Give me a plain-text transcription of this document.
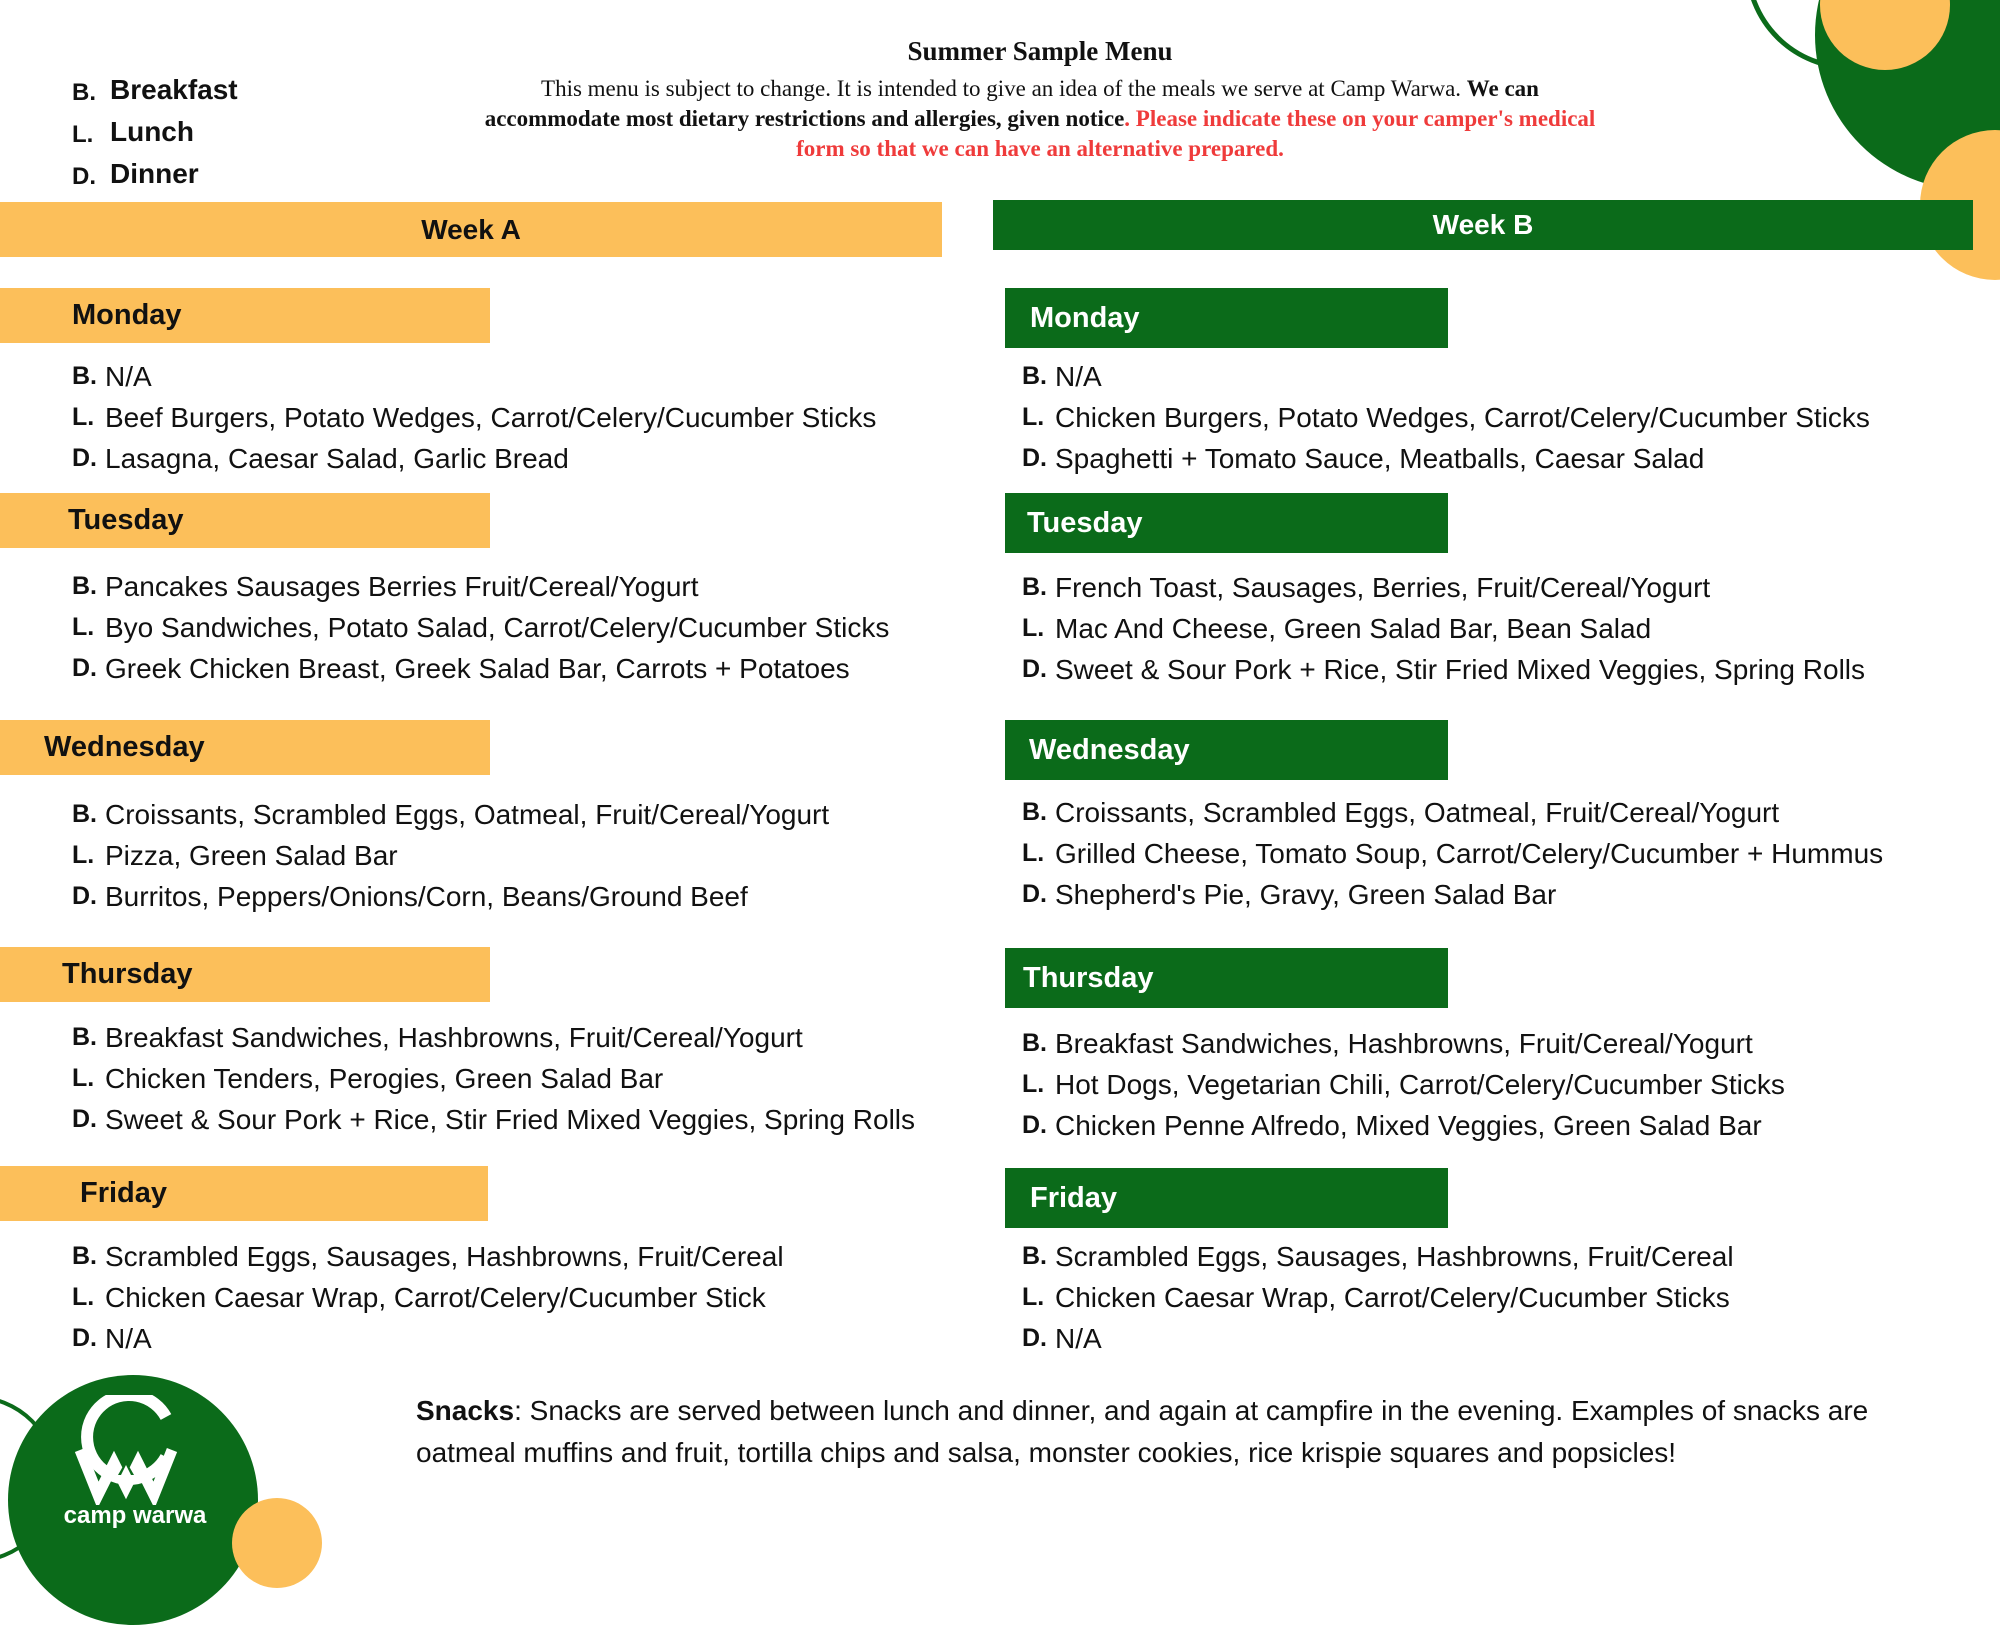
B. Breakfast
L. Lunch
D. Dinner
Summer Sample Menu
This menu is subject to change. It is intended to give an idea of the meals we serve at Camp Warwa. We can accommodate most dietary restrictions and allergies, given notice. Please indicate these on your camper's medical form so that we can have an alternative prepared.
Week A	Week B
Monday
B. N/A
L. Beef Burgers, Potato Wedges, Carrot/Celery/Cucumber Sticks
D. Lasagna, Caesar Salad, Garlic Bread
Tuesday
B. Pancakes Sausages Berries Fruit/Cereal/Yogurt
L. Byo Sandwiches, Potato Salad, Carrot/Celery/Cucumber Sticks
D. Greek Chicken Breast, Greek Salad Bar, Carrots + Potatoes
Wednesday
B. Croissants, Scrambled Eggs, Oatmeal, Fruit/Cereal/Yogurt
L. Pizza, Green Salad Bar
D. Burritos, Peppers/Onions/Corn, Beans/Ground Beef
Thursday
B. Breakfast Sandwiches, Hashbrowns, Fruit/Cereal/Yogurt
L. Chicken Tenders, Perogies, Green Salad Bar
D. Sweet & Sour Pork + Rice, Stir Fried Mixed Veggies, Spring Rolls
Friday
B. Scrambled Eggs, Sausages, Hashbrowns, Fruit/Cereal
L. Chicken Caesar Wrap, Carrot/Celery/Cucumber Stick
D. N/A
Monday
B. N/A
L. Chicken Burgers, Potato Wedges, Carrot/Celery/Cucumber Sticks
D. Spaghetti + Tomato Sauce, Meatballs, Caesar Salad
Tuesday
B. French Toast, Sausages, Berries, Fruit/Cereal/Yogurt
L. Mac And Cheese, Green Salad Bar, Bean Salad
D. Sweet & Sour Pork + Rice, Stir Fried Mixed Veggies, Spring Rolls
Wednesday
B. Croissants, Scrambled Eggs, Oatmeal, Fruit/Cereal/Yogurt
L. Grilled Cheese, Tomato Soup, Carrot/Celery/Cucumber + Hummus
D. Shepherd's Pie, Gravy, Green Salad Bar
Thursday
B. Breakfast Sandwiches, Hashbrowns, Fruit/Cereal/Yogurt
L. Hot Dogs, Vegetarian Chili, Carrot/Celery/Cucumber Sticks
D. Chicken Penne Alfredo, Mixed Veggies, Green Salad Bar
Friday
B. Scrambled Eggs, Sausages, Hashbrowns, Fruit/Cereal
L. Chicken Caesar Wrap, Carrot/Celery/Cucumber Sticks
D. N/A
Snacks: Snacks are served between lunch and dinner, and again at campfire in the evening. Examples of snacks are oatmeal muffins and fruit, tortilla chips and salsa, monster cookies, rice krispie squares and popsicles!
camp warwa
